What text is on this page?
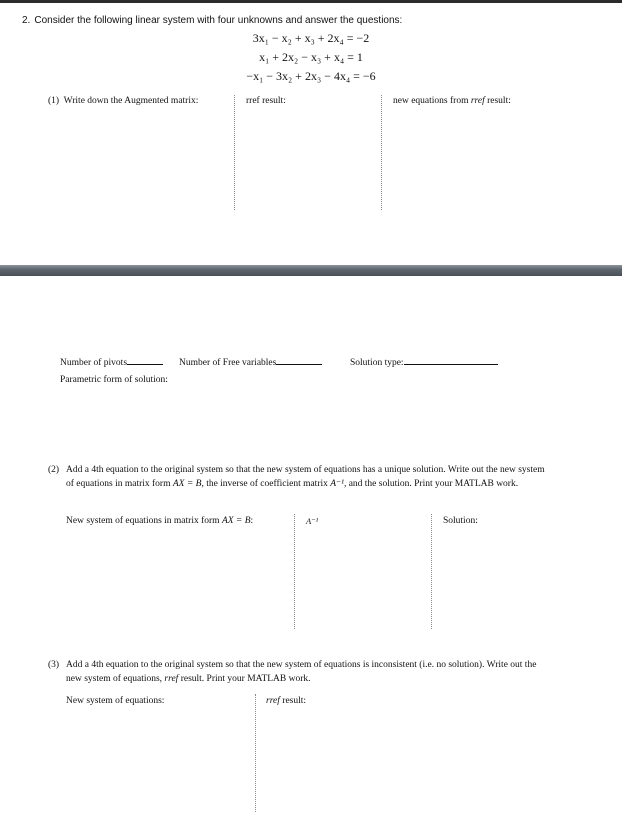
2. Consider the following linear system with four unknowns and answer the questions:
3x₁ − x₂ + x₃ + 2x₄ = −2
x₁ + 2x₂ − x₃ + x₄ = 1
−x₁ − 3x₂ + 2x₃ − 4x₄ = −6
(1) Write down the Augmented matrix:	rref result:	new equations from rref result:
Number of pivots	Number of Free variables	Solution type:
Parametric form of solution:
(2) Add a 4th equation to the original system so that the new system of equations has a unique solution. Write out the new system of equations in matrix form AX = B, the inverse of coefficient matrix A⁻¹, and the solution. Print your MATLAB work.
New system of equations in matrix form AX = B:	A⁻¹	Solution:
(3) Add a 4th equation to the original system so that the new system of equations is inconsistent (i.e. no solution). Write out the new system of equations, rref result. Print your MATLAB work.
New system of equations:	rref result:
